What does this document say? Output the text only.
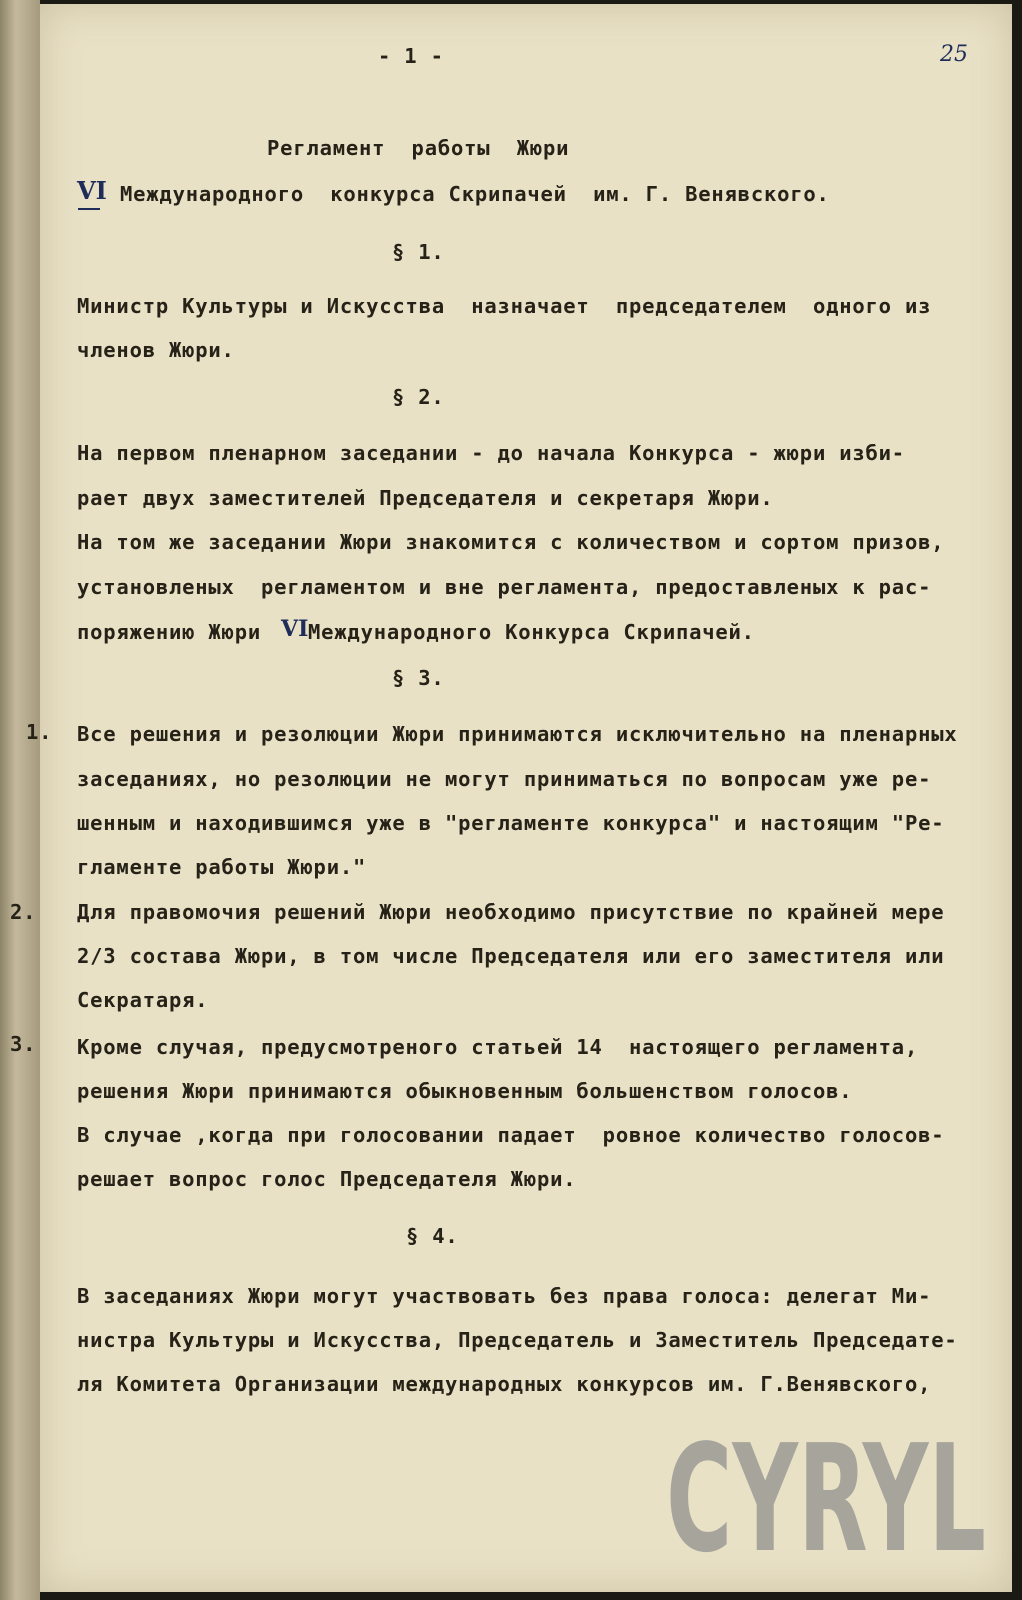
- 1 -	25
Регламент  работы  Жюри
VI Международного  конкурса Скрипачей  им. Г. Венявского.
§ 1.
Министр Культуры и Искусства  назначает  председателем  одного из
членов Жюри.
§ 2.
На первом пленарном заседании - до начала Конкурса - жюри изби-
рает двух заместителей Председателя и секретаря Жюри.
На том же заседании Жюри знакомится с количеством и сортом призов,
установленых  регламентом и вне регламента, предоставленых к рас-
поряжению Жюри VI Международного Конкурса Скрипачей.
§ 3.
1. Все решения и резолюции Жюри принимаются исключительно на пленарных
заседаниях, но резолюции не могут приниматься по вопросам уже ре-
шенным и находившимся уже в "регламенте конкурса" и настоящим "Ре-
гламенте работы Жюри."
2. Для правомочия решений Жюри необходимо присутствие по крайней мере
2/3 состава Жюри, в том числе Председателя или его заместителя или
Секратаря.
3. Кроме случая, предусмотреного статьей 14  настоящего регламента,
решения Жюри принимаются обыкновенным большенством голосов.
В случае ,когда при голосовании падает  ровное количество голосов-
решает вопрос голос Председателя Жюри.
§ 4.
В заседаниях Жюри могут участвовать без права голоса: делегат Ми-
нистра Культуры и Искусства, Председатель и Заместитель Председате-
ля Комитета Организации международных конкурсов им. Г.Венявского,
CYRYL
